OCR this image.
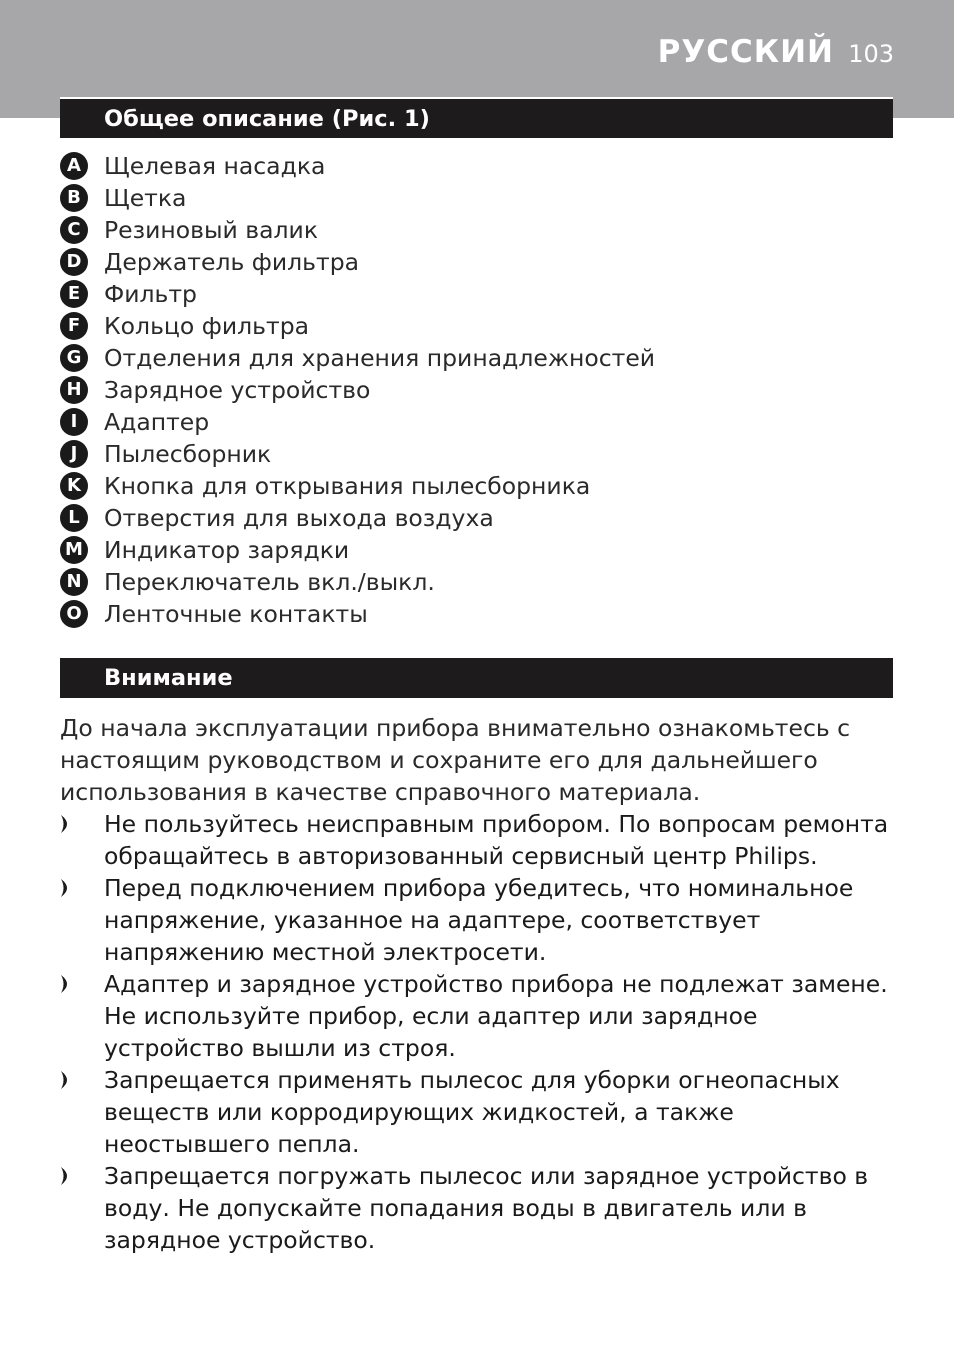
РУССКИЙ 103
Общее описание (Рис. 1)
A Щелевая насадка
B Щетка
C Резиновый валик
D Держатель фильтра
E	Фильтр
F	Кольцо фильтра
G Отделения для хранения принадлежностей
H Зарядное устройство
I	Адаптер
J	Пылесборник
K Кнопка для открывания пылесборника
L	Отверстия для выхода воздуха
M Индикатор зарядки
N Переключатель вкл./выкл.
O Ленточные контакты
Внимание

До начала эксплуатации прибора внимательно ознакомьтесь с настоящим руководством и сохраните его для дальнейшего использования в качестве справочного материала.

Не пользуйтесь неисправным прибором. По вопросам ремонта обращайтесь в авторизованный сервисный центр Philips.
Перед подключением прибора убедитесь, что номинальное напряжение, указанное на адаптере, соответствует напряжению местной электросети.
Адаптер и зарядное устройство прибора не подлежат замене. Не используйте прибор, если адаптер или зарядное устройство вышли из строя.
Запрещается применять пылесос для уборки огнеопасных веществ или корродирующих жидкостей, а также неостывшего пепла.
Запрещается погружать пылесос или зарядное устройство в воду. Не допускайте попадания воды в двигатель или в зарядное устройство.
